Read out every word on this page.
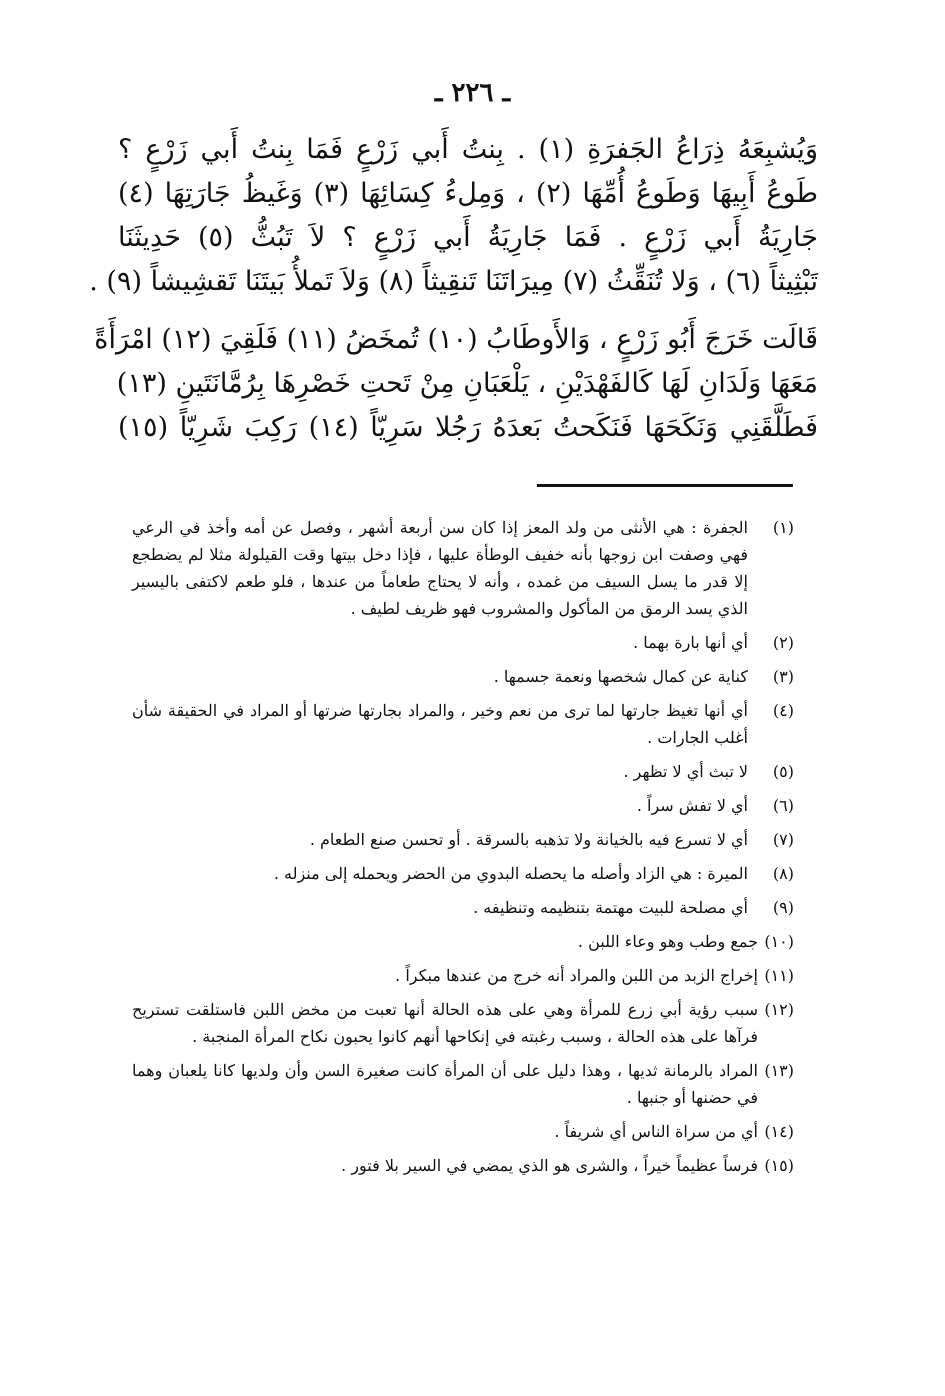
ـ ٢٢٦ ـ
وَيُشبِعَهُ ذِرَاعُ الجَفرَةِ (١) . بِنتُ أَبي زَرْعٍ فَمَا بِنتُ أَبي زَرْعٍ ؟
طَوعُ أَبِيهَا وَطَوعُ أُمِّهَا (٢) ، وَمِلءُ كِسَائِهَا (٣) وَغَيظُ جَارَتِهَا (٤)
جَارِيَةُ أَبي زَرْعٍ . فَمَا جَارِيَةُ أَبي زَرْعٍ ؟ لاَ تَبُثُّ (٥) حَدِيثَنَا
تَبْثِيثاً (٦) ، وَلا تُنَقِّثُ (٧) مِيرَاتَنَا تَنقِيثاً (٨) وَلاَ تَملأُ بَيتَنَا تَقشِيشاً (٩) .
قَالَت خَرَجَ أَبُو زَرْعٍ ، وَالأَوطَابُ (١٠) تُمخَضُ (١١) فَلَقِيَ (١٢) امْرَأَةً
مَعَهَا وَلَدَانِ لَهَا كَالفَهْدَيْنِ ، يَلْعَبَانِ مِنْ تَحتِ خَصْرِهَا بِرُمَّانَتَينِ (١٣)
فَطَلَّقَنِي وَنَكَحَهَا فَنَكَحتُ بَعدَهُ رَجُلا سَرِيّاً (١٤) رَكِبَ شَرِيّاً (١٥)
(١)
الجفرة : هي الأنثى من ولد المعز إذا كان سن أربعة أشهر ، وفصل عن أمه وأخذ في الرعي فهي وصفت ابن زوجها بأنه خفيف الوطأة عليها ، فإذا دخل بيتها وقت القيلولة مثلا لم يضطجع إلا قدر ما يسل السيف من غمده ، وأنه لا يحتاج طعاماً من عندها ، فلو طعم لاكتفى باليسير الذي يسد الرمق من المأكول والمشروب فهو ظريف لطيف .
(٢)
أي أنها بارة بهما .
(٣)
كناية عن كمال شخصها ونعمة جسمها .
(٤)
أي أنها تغيظ جارتها لما ترى من نعم وخير ، والمراد بجارتها ضرتها أو المراد في الحقيقة شأن أغلب الجارات .
(٥)
لا تبث أي لا تظهر .
(٦)
أي لا تفش سراً .
(٧)
أي لا تسرع فيه بالخيانة ولا تذهبه بالسرقة . أو تحسن صنع الطعام .
(٨)
الميرة : هي الزاد وأصله ما يحصله البدوي من الحضر ويحمله إلى منزله .
(٩)
أي مصلحة للبيت مهتمة بتنظيمه وتنظيفه .
(١٠)
جمع وطب وهو وعاء اللبن .
(١١)
إخراج الزبد من اللبن والمراد أنه خرج من عندها مبكراً .
(١٢)
سبب رؤية أبي زرع للمرأة وهي على هذه الحالة أنها تعبت من مخض اللبن فاستلقت تستريح فرآها على هذه الحالة ، وسبب رغبته في إنكاحها أنهم كانوا يحبون نكاح المرأة المنجبة .
(١٣)
المراد بالرمانة ثديها ، وهذا دليل على أن المرأة كانت صغيرة السن وأن ولديها كانا يلعبان وهما في حضنها أو جنبها .
(١٤)
أي من سراة الناس أي شريفاً .
(١٥)
فرساً عظيماً خيراً ، والشرى هو الذي يمضي في السير بلا فتور .
